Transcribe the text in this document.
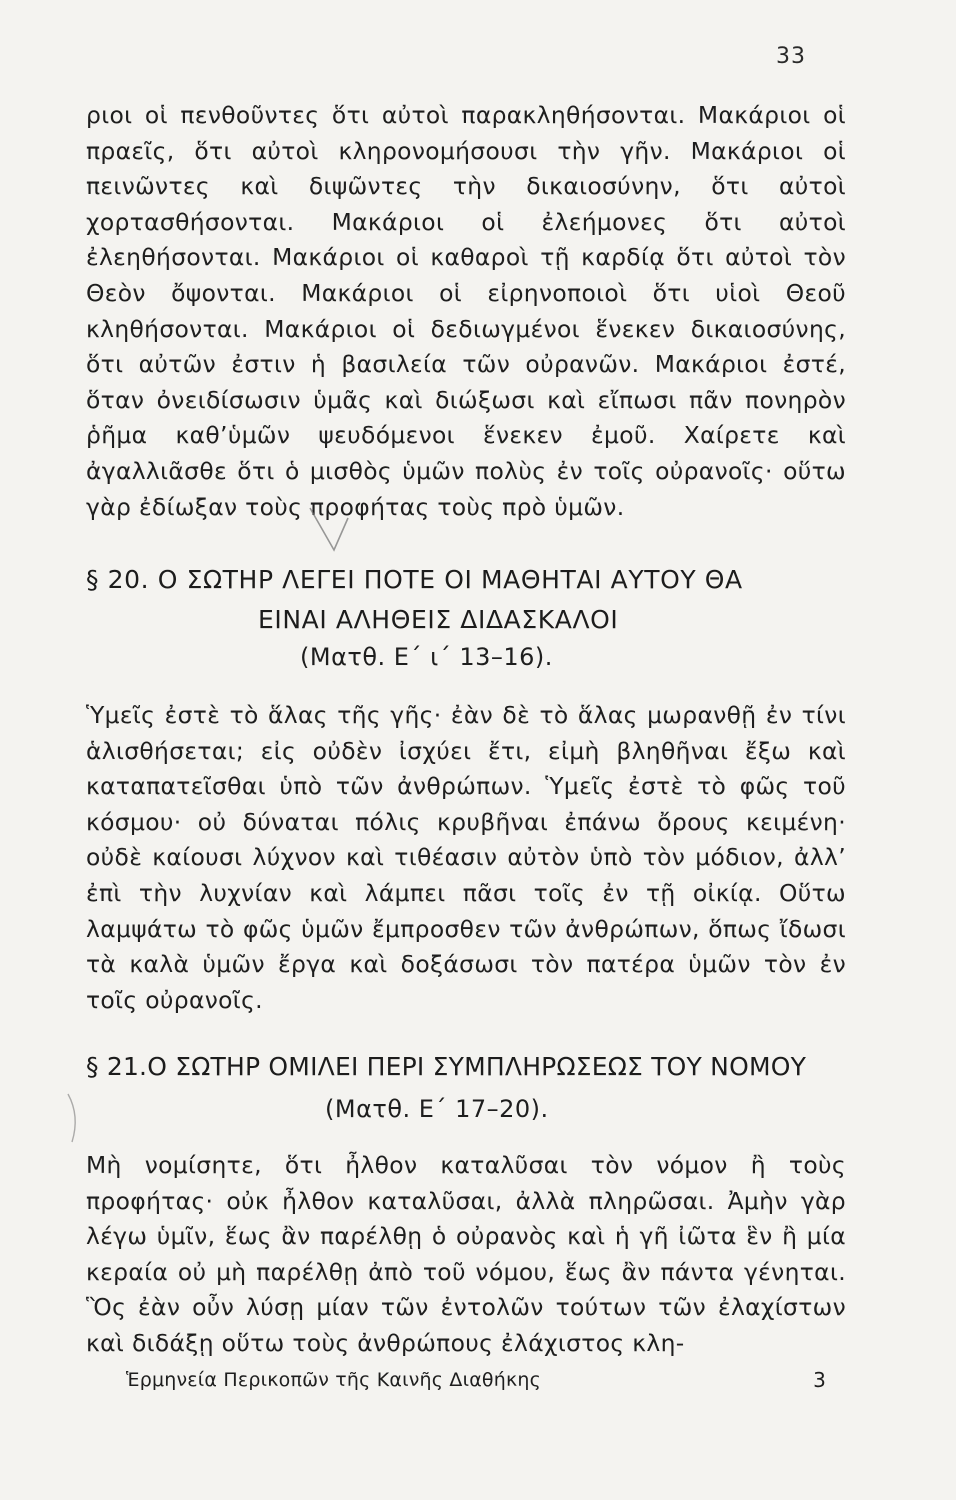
33
ριοι οἱ πενθοῦντες ὅτι αὐτοὶ παρακληθήσονται. Μακάριοι οἱ πραεῖς, ὅτι αὐτοὶ κληρονομήσουσι τὴν γῆν. Μακάριοι οἱ πεινῶντες καὶ διψῶντες τὴν δικαιοσύνην, ὅτι αὐτοὶ χορτασθήσονται. Μακάριοι οἱ ἐλεήμονες ὅτι αὐτοὶ ἐλεηθήσονται. Μακάριοι οἱ καθαροὶ τῇ καρδίᾳ ὅτι αὐτοὶ τὸν Θεὸν ὄψονται. Μακάριοι οἱ εἰρηνοποιοὶ ὅτι υἱοὶ Θεοῦ κληθήσονται. Μακάριοι οἱ δεδιωγμένοι ἕνεκεν δικαιοσύνης, ὅτι αὐτῶν ἐστιν ἡ βασιλεία τῶν οὐρανῶν. Μακάριοι ἐστέ, ὅταν ὀνειδίσωσιν ὑμᾶς καὶ διώξωσι καὶ εἴπωσι πᾶν πονηρὸν ῥῆμα καθ’ὑμῶν ψευδόμενοι ἕνεκεν ἐμοῦ. Χαίρετε καὶ ἀγαλλιᾶσθε ὅτι ὁ μισθὸς ὑμῶν πολὺς ἐν τοῖς οὐρανοῖς· οὕτω γὰρ ἐδίωξαν τοὺς προφήτας τοὺς πρὸ ὑμῶν.
§ 20. Ο ΣΩΤΗΡ ΛΕΓΕΙ ΠΟΤΕ ΟΙ ΜΑΘΗΤΑΙ ΑΥΤΟΥ ΘΑ
ΕΙΝΑΙ ΑΛΗΘΕΙΣ ΔΙΔΑΣΚΑΛΟΙ
(Ματθ. Ε΄ ι΄ 13–16).
Ὑμεῖς ἐστὲ τὸ ἅλας τῆς γῆς· ἐὰν δὲ τὸ ἅλας μωρανθῇ ἐν τίνι ἁλισθήσεται; εἰς οὐδὲν ἰσχύει ἔτι, εἰμὴ βληθῆναι ἔξω καὶ καταπατεῖσθαι ὑπὸ τῶν ἀνθρώπων. Ὑμεῖς ἐστὲ τὸ φῶς τοῦ κόσμου· οὐ δύναται πόλις κρυβῆναι ἐπάνω ὄρους κειμένη· οὐδὲ καίουσι λύχνον καὶ τιθέασιν αὐτὸν ὑπὸ τὸν μόδιον, ἀλλ’ ἐπὶ τὴν λυχνίαν καὶ λάμπει πᾶσι τοῖς ἐν τῇ οἰκίᾳ. Οὕτω λαμψάτω τὸ φῶς ὑμῶν ἔμπροσθεν τῶν ἀνθρώπων, ὅπως ἴδωσι τὰ καλὰ ὑμῶν ἔργα καὶ δοξάσωσι τὸν πατέρα ὑμῶν τὸν ἐν τοῖς οὐρανοῖς.
§ 21.Ο ΣΩΤΗΡ ΟΜΙΛΕΙ ΠΕΡΙ ΣΥΜΠΛΗΡΩΣΕΩΣ ΤΟΥ ΝΟΜΟΥ
(Ματθ. Ε΄ 17–20).
Μὴ νομίσητε, ὅτι ἦλθον καταλῦσαι τὸν νόμον ἢ τοὺς προφήτας· οὐκ ἦλθον καταλῦσαι, ἀλλὰ πληρῶσαι. Ἀμὴν γὰρ λέγω ὑμῖν, ἕως ἂν παρέλθῃ ὁ οὐρανὸς καὶ ἡ γῆ ἰῶτα ἓν ἢ μία κεραία οὐ μὴ παρέλθῃ ἀπὸ τοῦ νόμου, ἕως ἂν πάντα γένηται. Ὃς ἐὰν οὖν λύσῃ μίαν τῶν ἐντολῶν τούτων τῶν ἐλαχίστων καὶ διδάξῃ οὕτω τοὺς ἀνθρώπους ἐλάχιστος κλη-
Ἑρμηνεία Περικοπῶν τῆς Καινῆς Διαθήκης	3
